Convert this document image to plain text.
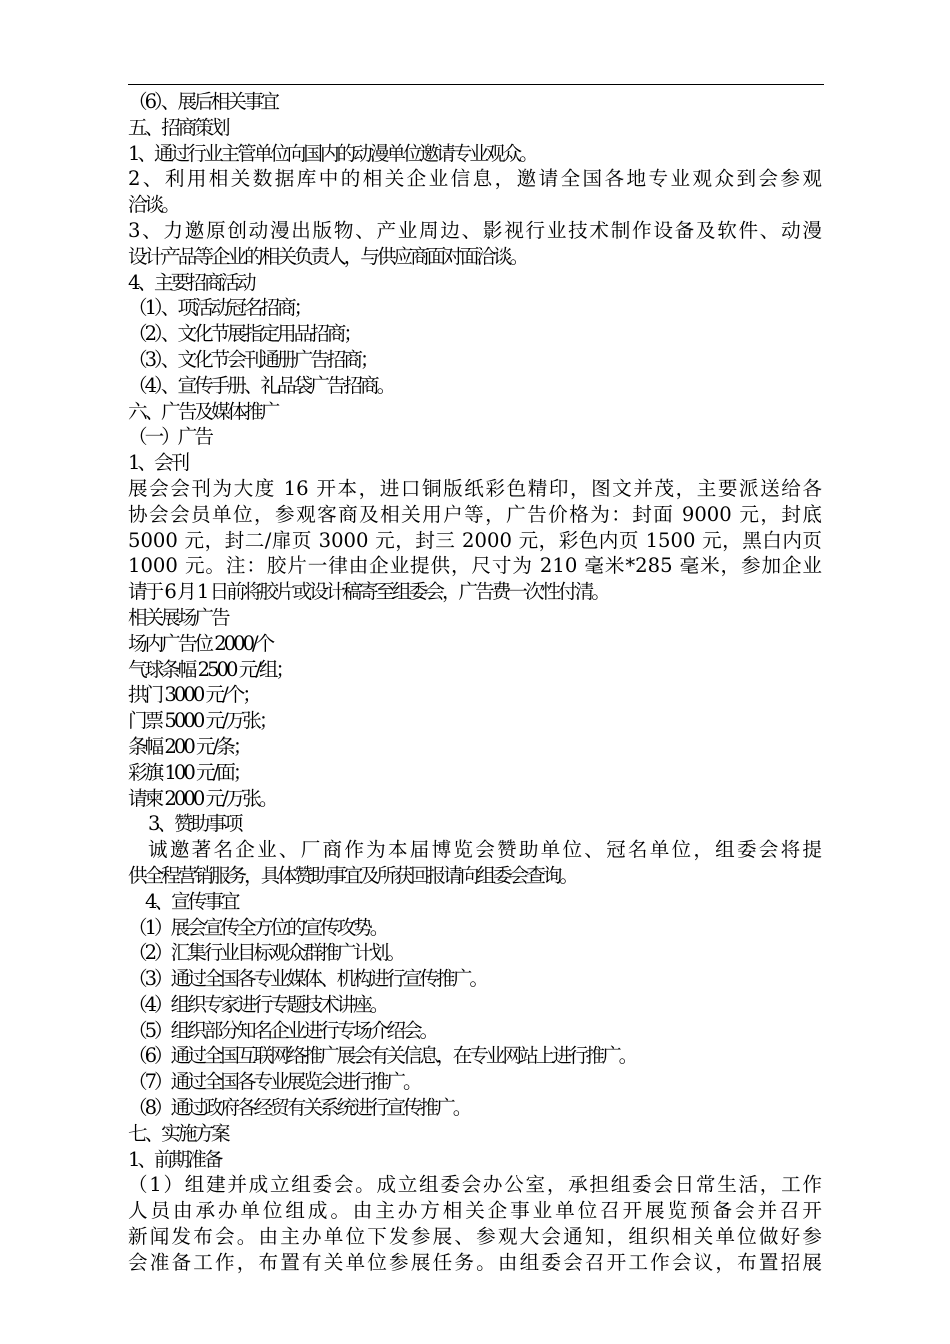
（6）、展后相关事宜
五、招商策划
1、通过行业主管单位向国内的动漫单位邀请专业观众。
2、利用相关数据库中的相关企业信息，邀请全国各地专业观众到会参观
洽谈。
3、力邀原创动漫出版物、产业周边、影视行业技术制作设备及软件、动漫
设计产品等企业的相关负责人，与供应商面对面洽谈。
4、主要招商活动
（1）、项活动冠名招商；
（2）、文化节展指定用品招商；
（3）、文化节会刊通册广告招商；
（4）、宣传手册、礼品袋广告招商。
六、广告及媒体推广
（一）广告
1、会刊
展会会刊为大度 16 开本，进口铜版纸彩色精印，图文并茂，主要派送给各
协会会员单位，参观客商及相关用户等，广告价格为：封面 9000 元，封底
5000 元，封二/扉页 3000 元，封三 2000 元，彩色内页 1500 元，黑白内页
1000 元。注：胶片一律由企业提供，尺寸为 210 毫米*285 毫米，参加企业
请于 6 月 1 日前将胶片或设计稿寄至组委会，广告费一次性付清。
相关展场广告
场内广告位 2000/个
气球条幅 2500 元/组；
拱门 3000 元/个；
门票 5000 元/万张；
条幅 200 元/条；
彩旗 100 元/面；
请柬 2000 元/万张。
3、赞助事项
诚邀著名企业、厂商作为本届博览会赞助单位、冠名单位，组委会将提
供全程营销服务，具体赞助事宜及所获回报请向组委会查询。
4、宣传事宜
（1）展会宣传全方位的宣传攻势。
（2）汇集行业目标观众群推广计划。
（3）通过全国各专业媒体、机构进行宣传推广。
（4）组织专家进行专题技术讲座。
（5）组织部分知名企业进行专场介绍会。
（6）通过全国互联网络推广展会有关信息，在专业网站上进行推广。
（7）通过全国各专业展览会进行推广。
（8）通过政府各经贸有关系统进行宣传推广。
七、实施方案
1、前期准备
（1）组建并成立组委会。成立组委会办公室，承担组委会日常生活，工作
人员由承办单位组成。由主办方相关企事业单位召开展览预备会并召开
新闻发布会。由主办单位下发参展、参观大会通知，组织相关单位做好参
会准备工作，布置有关单位参展任务。由组委会召开工作会议，布置招展
